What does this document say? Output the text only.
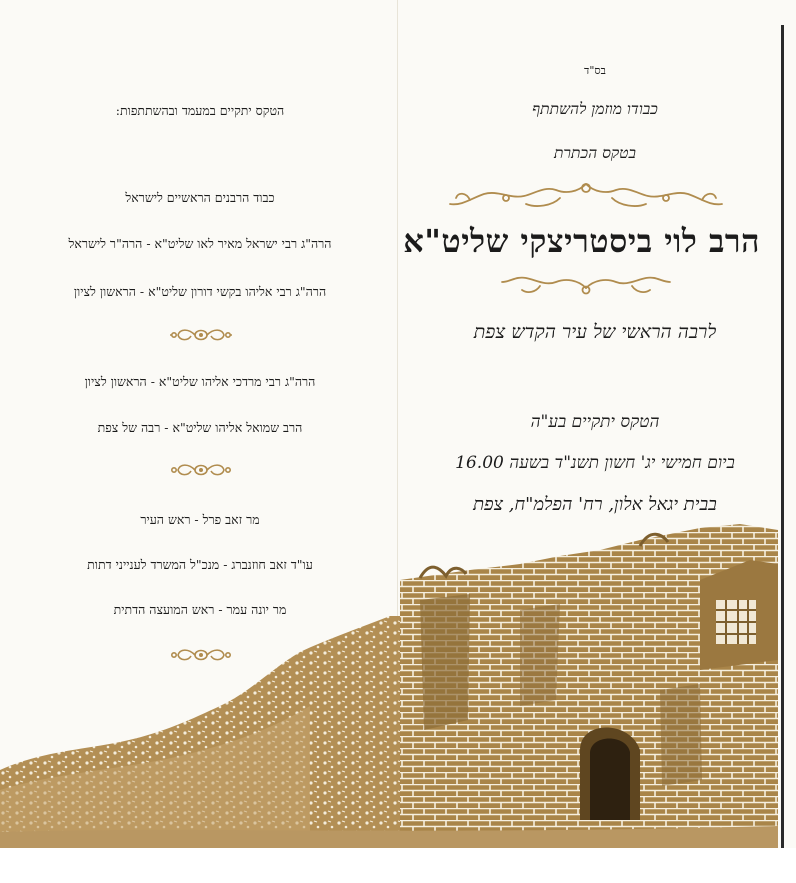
הטקס יתקיים במעמד ובהשתתפות:
כבוד הרבנים הראשיים לישראל
הרה"ג רבי ישראל מאיר לאו שליט"א - הרה"ר לישראל
הרה"ג רבי אליהו בקשי דורון שליט"א - הראשון לציון
הרה"ג רבי מרדכי אליהו שליט"א - הראשון לציון
הרב שמואל אליהו שליט"א - רבה של צפת
מר זאב פרל - ראש העיר
עו"ד זאב חוזנברג - מנכ"ל המשרד לענייני דתות
מר יונה עמר - ראש המועצה הדתית
בס"ד
כבודו מוזמן להשתתף
בטקס הכתרת
הרב לוי ביסטריצקי שליט"א
לרבה הראשי של עיר הקדש צפת
הטקס יתקיים בע"ה
ביום חמישי יג' חשון תשנ"ד בשעה 16.00
בבית יגאל אלון, רח' הפלמ"ח, צפת
